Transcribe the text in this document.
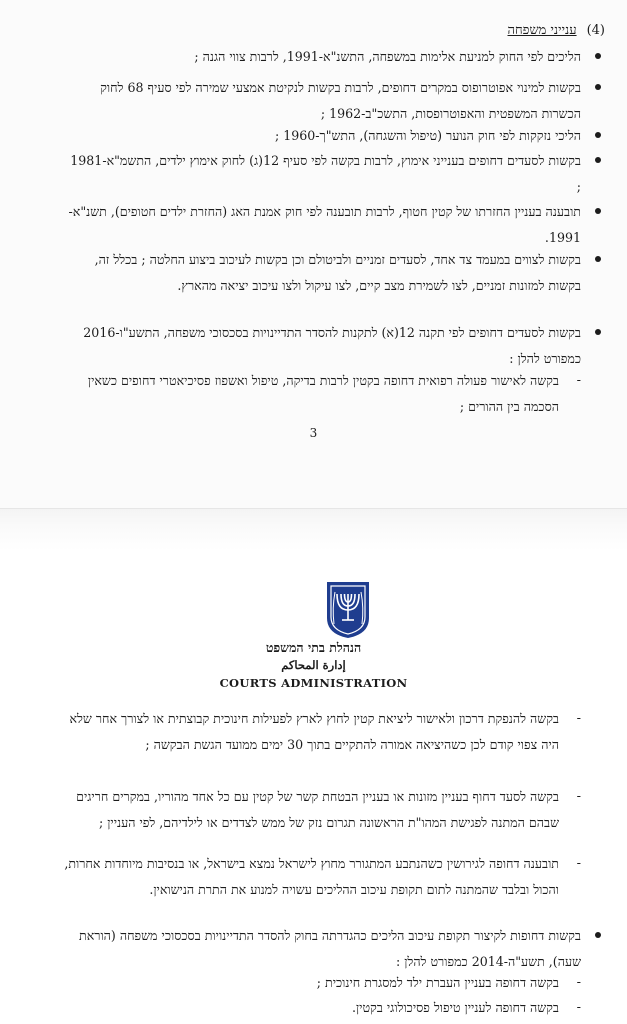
(4)ענייני משפחה
הליכים לפי החוק למניעת אלימות במשפחה, התשנ"א-1991, לרבות צווי הגנה ;
בקשות למינוי אפוטרופוס במקרים דחופים, לרבות בקשות לנקיטת אמצעי שמירה לפי סעיף 68 לחוק הכשרות המשפטית והאפוטרופסות, התשכ"ב-1962 ;
הליכי נזקקות לפי חוק הנוער (טיפול והשגחה), התש"ך-1960 ;
בקשות לסעדים דחופים בענייני אימוץ, לרבות בקשה לפי סעיף 12(ג) לחוק אימוץ ילדים, התשמ"א-1981 ;
תובענה בעניין החזרתו של קטין חטוף, לרבות תובענה לפי חוק אמנת האג (החזרת ילדים חטופים), תשנ"א- 1991.
בקשות לצווים במעמד צד אחד, לסעדים זמניים ולביטולם וכן בקשות לעיכוב ביצוע החלטה ; בכלל זה, בקשות למזונות זמניים, לצו לשמירת מצב קיים, לצו עיקול ולצו עיכוב יציאה מהארץ.
בקשות לסעדים דחופים לפי תקנה 12(א) לתקנות להסדר התדיינויות בסכסוכי משפחה, התשע"ו-2016 כמפורט להלן :
-
בקשה לאישור פעולה רפואית דחופה בקטין לרבות בדיקה, טיפול ואשפוז פסיכיאטרי דחופים כשאין הסכמה בין ההורים ;
3
הנהלת בתי המשפט
إدارة المحاكم
COURTS ADMINISTRATION
-
בקשה להנפקת דרכון ולאישור ליציאת קטין לחוץ לארץ לפעילות חינוכית קבוצתית או לצורך אחר שלא היה צפוי קודם לכן כשהיציאה אמורה להתקיים בתוך 30 ימים ממועד הגשת הבקשה ;
-
בקשה לסעד דחוף בעניין מזונות או בעניין הבטחת קשר של קטין עם כל אחד מהוריו, במקרים חריגים שבהם המתנה לפגישת המהו"ת הראשונה תגרום נזק של ממש לצדדים או לילדיהם, לפי העניין ;
-
תובענה דחופה לגירושין כשהנתבע המתגורר מחוץ לישראל נמצא בישראל, או בנסיבות מיוחדות אחרות, והכול ובלבד שהמתנה לתום תקופת עיכוב ההליכים עשויה למנוע את התרת הנישואין.
בקשות דחופות לקיצור תקופת עיכוב הליכים כהגדרתה בחוק להסדר התדיינויות בסכסוכי משפחה (הוראת שעה), תשע"ה-2014 כמפורט להלן :
-
בקשה דחופה בעניין העברת ילד למסגרת חינוכית ;
-
בקשה דחופה לעניין טיפול פסיכולוגי בקטין.
